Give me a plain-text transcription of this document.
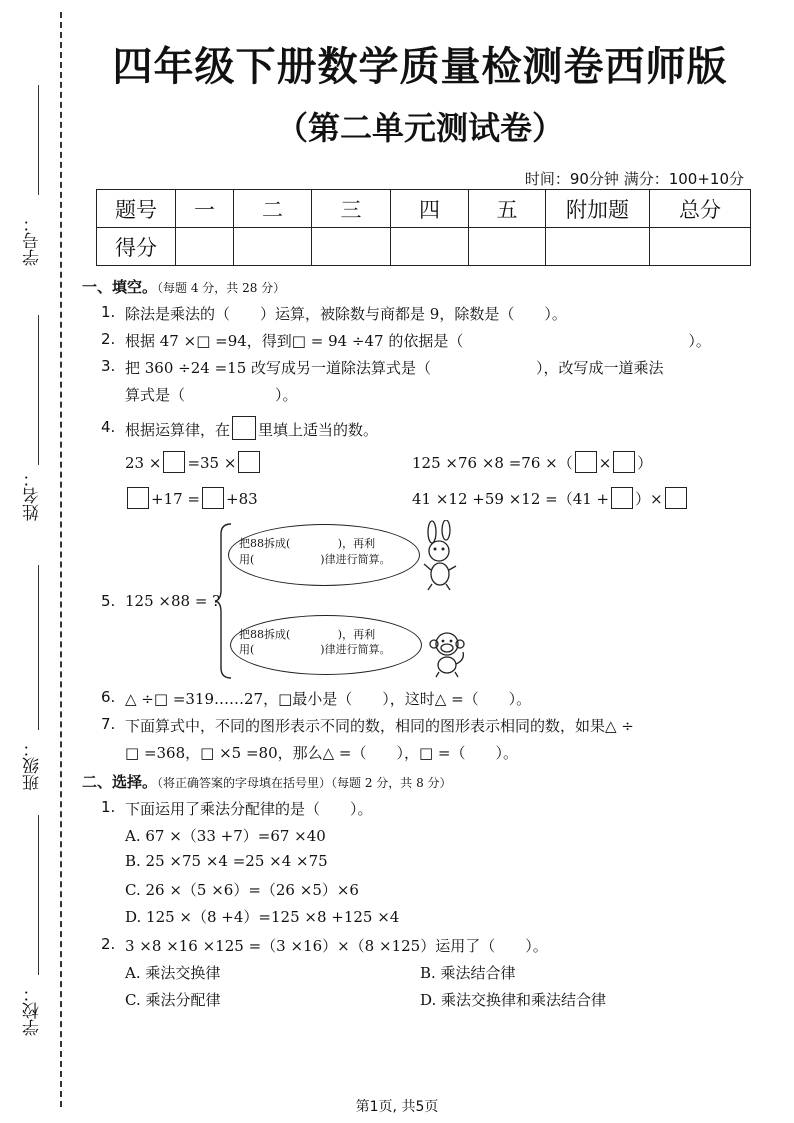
学号：
姓名：
班级：
学校：
四年级下册数学质量检测卷西师版
（第二单元测试卷）
时间：90分钟 满分：100+10分
题号	一	二	三	四	五	附加题	总分
得分							
一、填空。（每题 4 分，共 28 分）
1. 除法是乘法的（　　）运算，被除数与商都是 9，除数是（　　）。
2. 根据 47 ×□ =94，得到□ = 94 ÷47 的依据是（　　　　　　　　　　　　　　　）。
3. 把 360 ÷24 =15 改写成另一道除法算式是（　　　　　　　），改写成一道乘法
算式是（　　　　　　）。
4. 根据运算律，在 里填上适当的数。
23 × =35 ×	125 ×76 ×8 =76 ×（ × ）
+17 = +83	41 ×12 +59 ×12 =（41 + ）×
5. 125 ×88 = ?
把88拆成(　　　　 )，再利
用(　　　　　　)律进行简算。
把88拆成(　　　　 )，再利
用(　　　　　　)律进行简算。
6. △ ÷□ =319……27，□最小是（　　），这时△ =（　　）。
7. 下面算式中，不同的图形表示不同的数，相同的图形表示相同的数，如果△ ÷
□ =368，□ ×5 =80，那么△ =（　　），□ =（　　）。
二、选择。（将正确答案的字母填在括号里）（每题 2 分，共 8 分）
1. 下面运用了乘法分配律的是（　　）。
A. 67 ×（33 +7）=67 ×40
B. 25 ×75 ×4 =25 ×4 ×75
C. 26 ×（5 ×6）=（26 ×5）×6
D. 125 ×（8 +4）=125 ×8 +125 ×4
2. 3 ×8 ×16 ×125 =（3 ×16）×（8 ×125）运用了（　　）。
A. 乘法交换律	B. 乘法结合律
C. 乘法分配律	D. 乘法交换律和乘法结合律
第1页, 共5页
